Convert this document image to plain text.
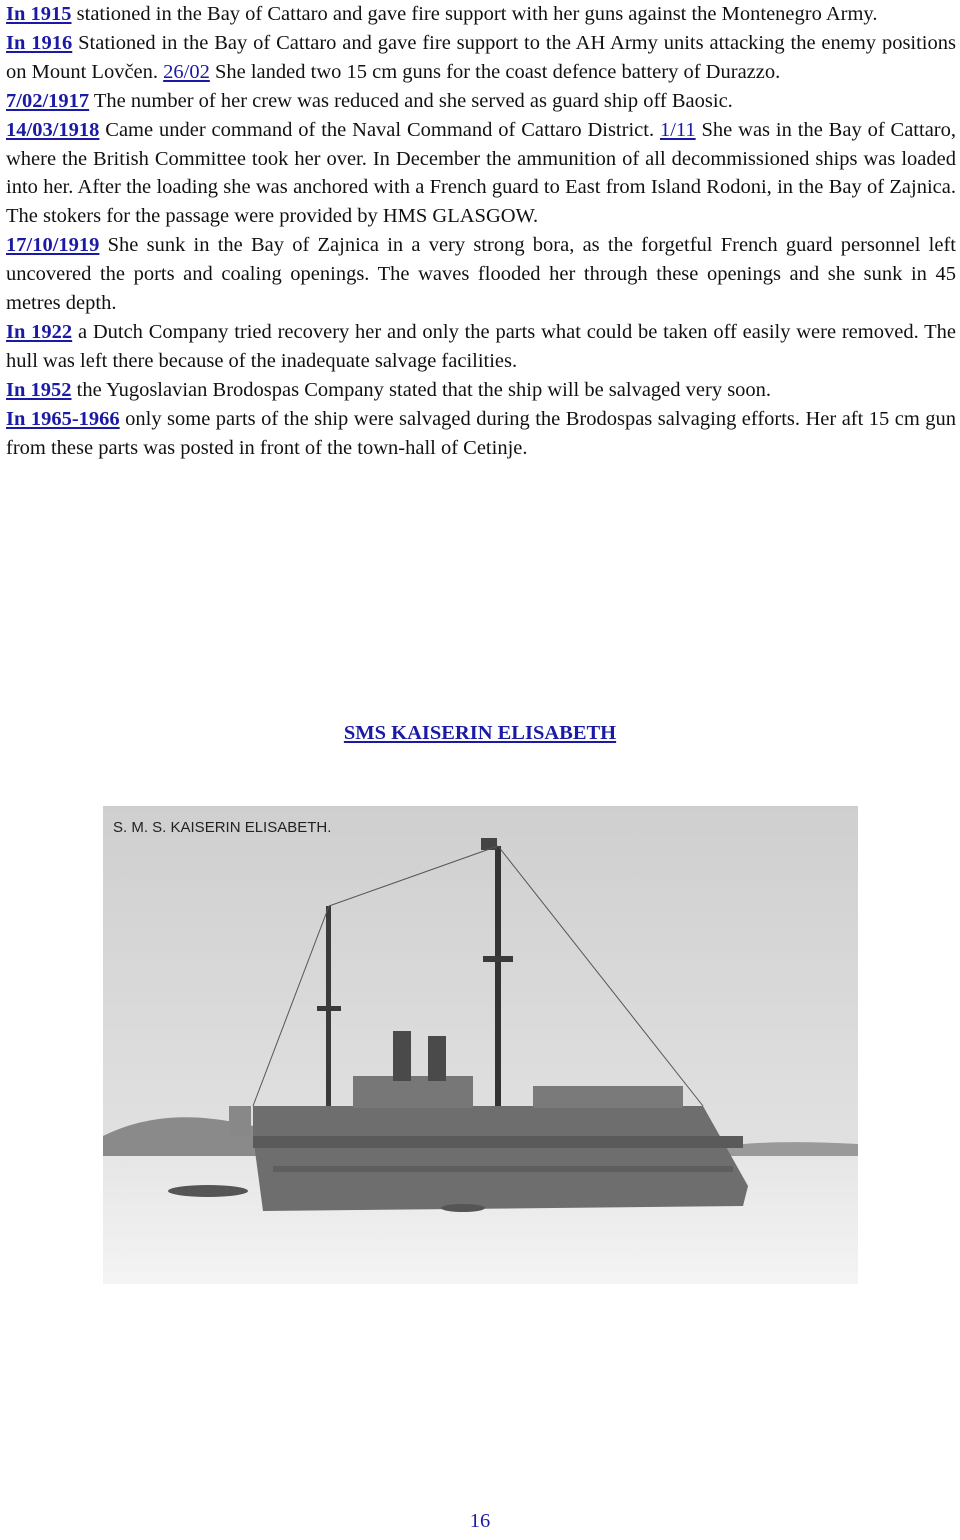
In 1915 stationed in the Bay of Cattaro and gave fire support with her guns against the Montenegro Army.

In 1916 Stationed in the Bay of Cattaro and gave fire support to the AH Army units attacking the enemy positions on Mount Lovčen. 26/02 She landed two 15 cm guns for the coast defence battery of Durazzo.

7/02/1917 The number of her crew was reduced and she served as guard ship off Baosic.

14/03/1918 Came under command of the Naval Command of Cattaro District. 1/11 She was in the Bay of Cattaro, where the British Committee took her over. In December the ammunition of all decommissioned ships was loaded into her. After the loading she was anchored with a French guard to East from Island Rodoni, in the Bay of Zajnica. The stokers for the passage were provided by HMS GLASGOW.

17/10/1919 She sunk in the Bay of Zajnica in a very strong bora, as the forgetful French guard personnel left uncovered the ports and coaling openings. The waves flooded her through these openings and she sunk in 45 metres depth.

In 1922 a Dutch Company tried recovery her and only the parts what could be taken off easily were removed. The hull was left there because of the inadequate salvage facilities.

In 1952 the Yugoslavian Brodospas Company stated that the ship will be salvaged very soon.

In 1965-1966 only some parts of the ship were salvaged during the Brodospas salvaging efforts. Her aft 15 cm gun from these parts was posted in front of the town-hall of Cetinje.

SMS KAISERIN ELISABETH
S. M. S. KAISERIN ELISABETH.
16
